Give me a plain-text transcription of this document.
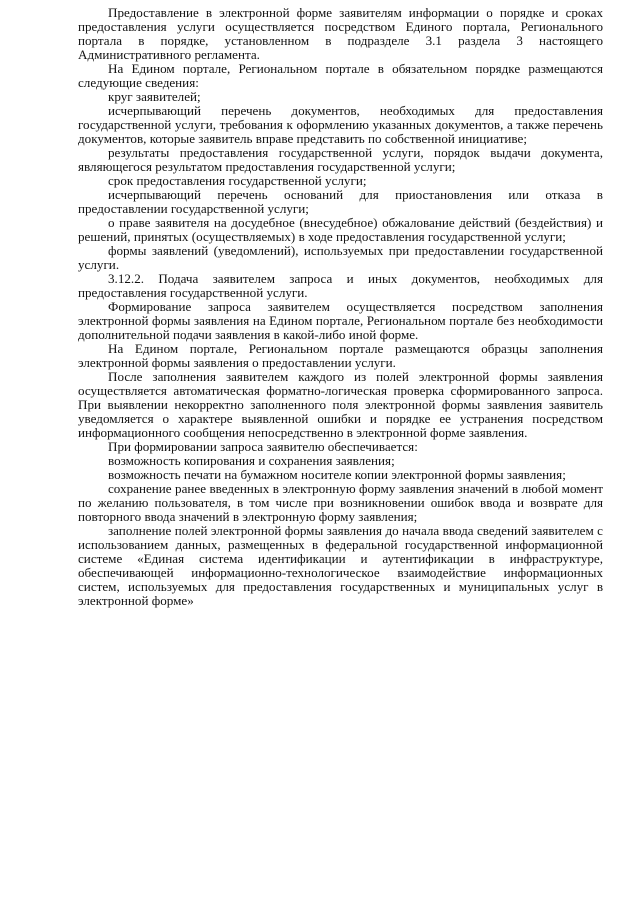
Предоставление в электронной форме заявителям информации о порядке и сроках предоставления услуги осуществляется посредством Единого портала, Регионального портала в порядке, установленном в подразделе 3.1 раздела 3 настоящего Административного регламента.

На Едином портале, Региональном портале в обязательном порядке размещаются следующие сведения:

круг заявителей;

исчерпывающий перечень документов, необходимых для предоставления государственной услуги, требования к оформлению указанных документов, а также перечень документов, которые заявитель вправе представить по собственной инициативе;

результаты предоставления государственной услуги, порядок выдачи документа, являющегося результатом предоставления государственной услуги;

срок предоставления государственной услуги;

исчерпывающий перечень оснований для приостановления или отказа в предоставлении государственной услуги;

о праве заявителя на досудебное (внесудебное) обжалование действий (бездействия) и решений, принятых (осуществляемых) в ходе предоставления государственной услуги;

формы заявлений (уведомлений), используемых при предоставлении государственной услуги.

3.12.2. Подача заявителем запроса и иных документов, необходимых для предоставления государственной услуги.

Формирование запроса заявителем осуществляется посредством заполнения электронной формы заявления на Едином портале, Региональном портале без необходимости дополнительной подачи заявления в какой-либо иной форме.

На Едином портале, Региональном портале размещаются образцы заполнения электронной формы заявления о предоставлении услуги.

После заполнения заявителем каждого из полей электронной формы заявления осуществляется автоматическая форматно-логическая проверка сформированного запроса. При выявлении некорректно заполненного поля электронной формы заявления заявитель уведомляется о характере выявленной ошибки и порядке ее устранения посредством информационного сообщения непосредственно в электронной форме заявления.

При формировании запроса заявителю обеспечивается:

возможность копирования и сохранения заявления;

возможность печати на бумажном носителе копии электронной формы заявления;

сохранение ранее введенных в электронную форму заявления значений в любой момент по желанию пользователя, в том числе при возникновении ошибок ввода и возврате для повторного ввода значений в электронную форму заявления;

заполнение полей электронной формы заявления до начала ввода сведений заявителем с использованием данных, размещенных в федеральной государственной информационной системе «Единая система идентификации и аутентификации в инфраструктуре, обеспечивающей информационно-технологическое взаимодействие информационных систем, используемых для предоставления государственных и муниципальных услуг в электронной форме»
